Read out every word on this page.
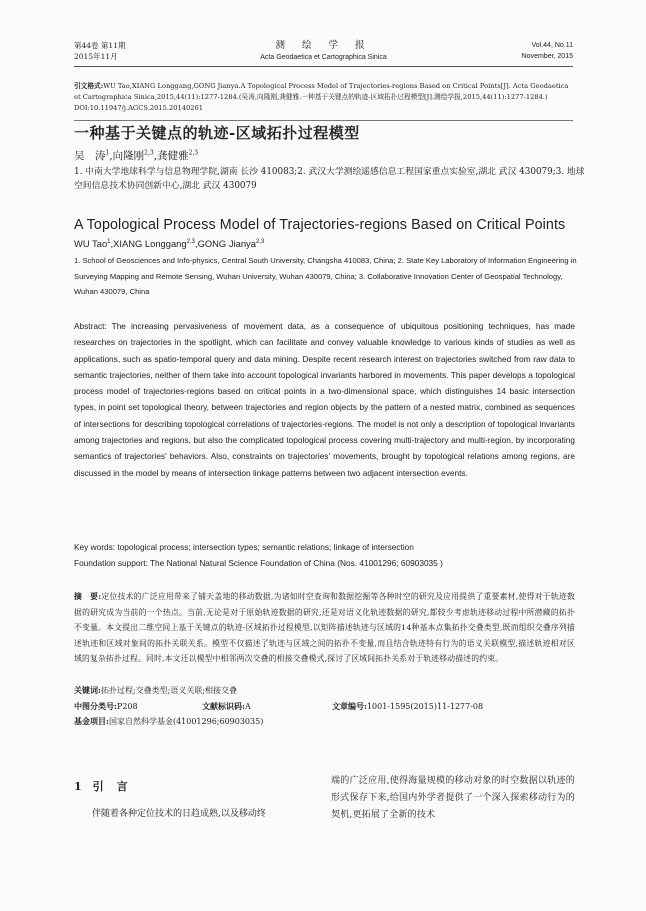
第44卷 第11期
2015年11月
测 绘 学 报
Acta Geodaetica et Cartographica Sinica
Vol.44, No.11
November, 2015
引文格式:WU Tao,XIANG Longgang,GONG Jianya.A Topological Process Model of Trajectories-regions Based on Critical Points[J]. Acta Geodaetica et Cartographica Sinica,2015,44(11):1277-1284.(吴涛,向隆刚,龚健雅.一种基于关键点的轨迹-区域拓扑过程模型[J].测绘学报,2015,44(11):1277-1284.) DOI:10.11947/j.AGCS.2015.20140261
一种基于关键点的轨迹-区域拓扑过程模型
吴　涛$^1$,向隆刚$^{2,3}$,龚健雅$^{2,3}$
1. 中南大学地球科学与信息物理学院,湖南 长沙 410083;2. 武汉大学测绘遥感信息工程国家重点实验室,湖北 武汉 430079;3. 地球空间信息技术协同创新中心,湖北 武汉 430079
A Topological Process Model of Trajectories-regions Based on Critical Points
WU Tao$^1$,XIANG Longgang$^{2,3}$,GONG Jianya$^{2,3}$
1. School of Geosciences and Info-physics, Central South University, Changsha 410083, China; 2. State Key Laboratory of Information Engineering in Surveying Mapping and Remote Sensing, Wuhan University, Wuhan 430079, China; 3. Collaborative Innovation Center of Geospatial Technology, Wuhan 430079, China
Abstract: The increasing pervasiveness of movement data, as a consequence of ubiquitous positioning techniques, has made researches on trajectories in the spotlight, which can facilitate and convey valuable knowledge to various kinds of studies as well as applications, such as spatio-temporal query and data mining. Despite recent research interest on trajectories switched from raw data to semantic trajectories, neither of them take into account topological invariants harbored in movements. This paper develops a topological process model of trajectories-regions based on critical points in a two-dimensional space, which distinguishes 14 basic intersection types, in point set topological theory, between trajectories and region objects by the pattern of a nested matrix, combined as sequences of intersections for describing topological correlations of trajectories-regions. The model is not only a description of topological invariants among trajectories and regions, but also the complicated topological process covering multi-trajectory and multi-region, by incorporating semantics of trajectories' behaviors. Also, constraints on trajectories' movements, brought by topological relations among regions, are discussed in the model by means of intersection linkage patterns between two adjacent intersection events.
Key words: topological process; intersection types; semantic relations; linkage of intersection
Foundation support: The National Natural Science Foundation of China (Nos. 41001296; 60903035 )
摘　要:定位技术的广泛应用带来了铺天盖地的移动数据,为诸如时空查询和数据挖掘等各种时空的研究及应用提供了重要素材,使得对于轨迹数据的研究成为当前的一个热点。当前,无论是对于原始轨迹数据的研究,还是对语义化轨迹数据的研究,都较少考虑轨迹移动过程中所潜藏的拓扑不变量。本文提出二维空间上基于关键点的轨迹-区域拓扑过程模型,以矩阵描述轨迹与区域的14种基本点集拓扑交叠类型,既而组织交叠序列描述轨迹和区域对象间的拓扑关联关系。模型不仅描述了轨迹与区域之间的拓扑不变量,而且结合轨迹特有行为的语义关联模型,描述轨迹相对区域的复杂拓扑过程。同时,本文还以模型中相邻两次交叠的相接交叠模式,探讨了区域间拓扑关系对于轨迹移动描述的约束。
关键词:拓扑过程;交叠类型;语义关联;相接交叠
中图分类号:P208	文献标识码:A	文章编号:1001-1595(2015)11-1277-08
基金项目:国家自然科学基金(41001296;60903035)
1 引　言
伴随着各种定位技术的日趋成熟,以及移动终
端的广泛应用,使得海量规模的移动对象的时空数据以轨迹的形式保存下来,给国内外学者提供了一个深入探索移动行为的契机,更拓展了全新的技术
